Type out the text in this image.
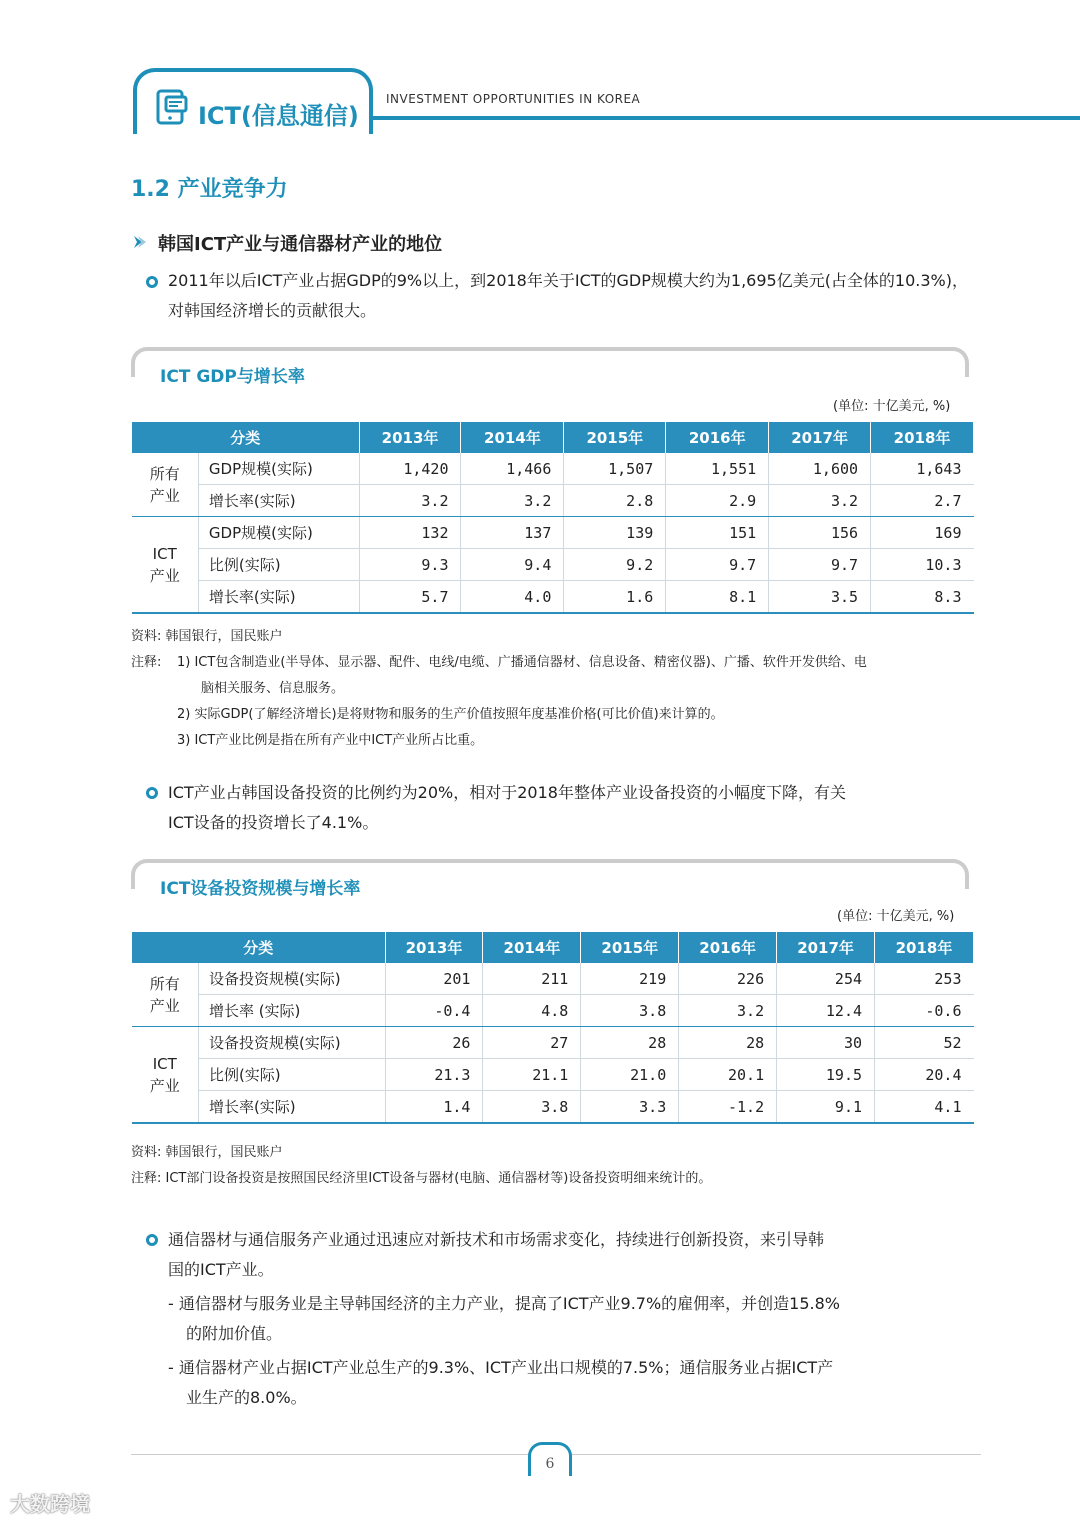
ICT(信息通信)
INVESTMENT OPPORTUNITIES IN KOREA
1.2 产业竞争力
韩国ICT产业与通信器材产业的地位
2011年以后ICT产业占据GDP的9%以上，到2018年关于ICT的GDP规模大约为1,695亿美元(占全体的10.3%)，
对韩国经济增长的贡献很大。
ICT GDP与增长率
(单位: 十亿美元, %)
分类		2013年	2014年	2015年	2016年	2017年	2018年
所有
产业	GDP规模(实际)	1,420	1,466	1,507	1,551	1,600	1,643
	增长率(实际)	3.2	3.2	2.8	2.9	3.2	2.7
ICT
产业	GDP规模(实际)	132	137	139	151	156	169
	比例(实际)	9.3	9.4	9.2	9.7	9.7	10.3
	增长率(实际)	5.7	4.0	1.6	8.1	3.5	8.3
资料: 韩国银行，国民账户
注释: 1) ICT包含制造业(半导体、显示器、配件、电线/电缆、广播通信器材、信息设备、精密仪器)、广播、软件开发供给、电
脑相关服务、信息服务。
2) 实际GDP(了解经济增长)是将财物和服务的生产价值按照年度基准价格(可比价值)来计算的。
3) ICT产业比例是指在所有产业中ICT产业所占比重。
ICT产业占韩国设备投资的比例约为20%，相对于2018年整体产业设备投资的小幅度下降，有关
ICT设备的投资增长了4.1%。
ICT设备投资规模与增长率
(单位: 十亿美元, %)
分类		2013年	2014年	2015年	2016年	2017年	2018年
所有
产业	设备投资规模(实际)	201	211	219	226	254	253
	增长率 (实际)	-0.4	4.8	3.8	3.2	12.4	-0.6
ICT
产业	设备投资规模(实际)	26	27	28	28	30	52
	比例(实际)	21.3	21.1	21.0	20.1	19.5	20.4
	增长率(实际)	1.4	3.8	3.3	-1.2	9.1	4.1
资料: 韩国银行，国民账户
注释: ICT部门设备投资是按照国民经济里ICT设备与器材(电脑、通信器材等)设备投资明细来统计的。
通信器材与通信服务产业通过迅速应对新技术和市场需求变化，持续进行创新投资，来引导韩
国的ICT产业。
- 通信器材与服务业是主导韩国经济的主力产业，提高了ICT产业9.7%的雇佣率，并创造15.8%
的附加价值。
- 通信器材产业占据ICT产业总生产的9.3%、ICT产业出口规模的7.5%；通信服务业占据ICT产
业生产的8.0%。
6
大数跨境
